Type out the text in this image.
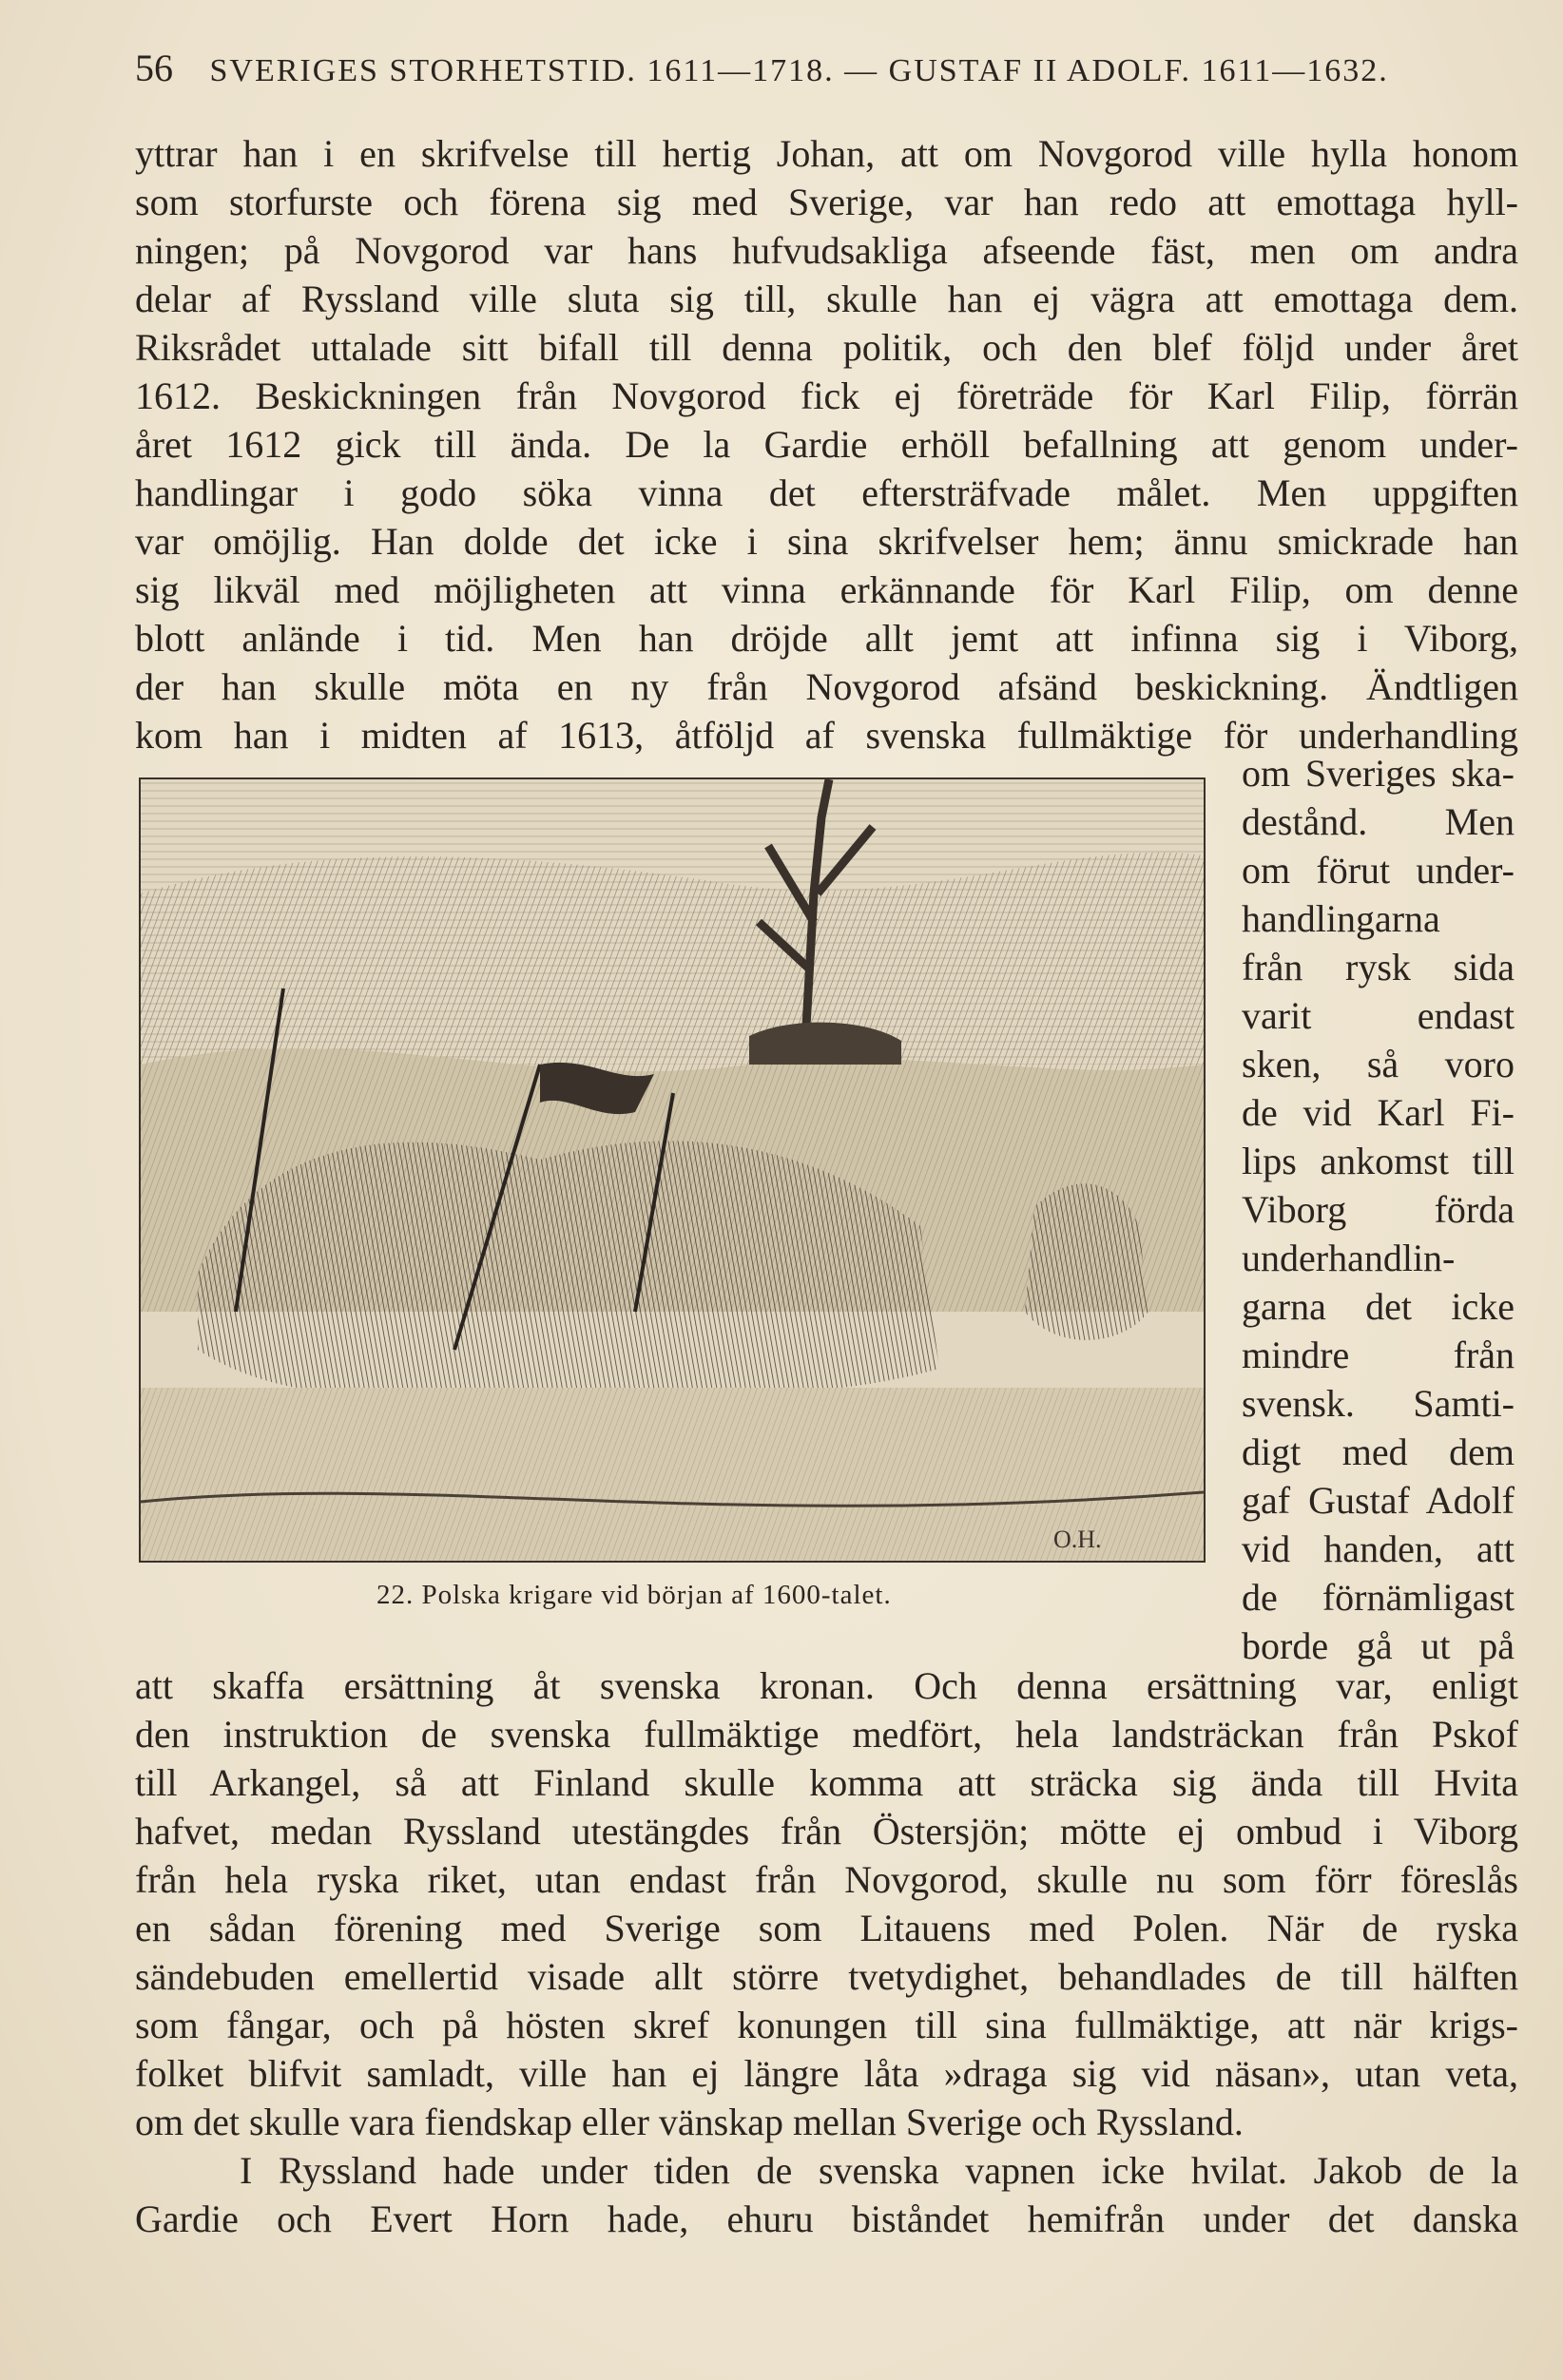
56 SVERIGES STORHETSTID. 1611—1718. — GUSTAF II ADOLF. 1611—1632.
yttrar han i en skrifvelse till hertig Johan, att om Novgorod ville hylla honom
som storfurste och förena sig med Sverige, var han redo att emottaga hyll-
ningen; på Novgorod var hans hufvudsakliga afseende fäst, men om andra
delar af Ryssland ville sluta sig till, skulle han ej vägra att emottaga dem.
Riksrådet uttalade sitt bifall till denna politik, och den blef följd under året
1612. Beskickningen från Novgorod fick ej företräde för Karl Filip, förrän
året 1612 gick till ända. De la Gardie erhöll befallning att genom under-
handlingar i godo söka vinna det eftersträfvade målet. Men uppgiften
var omöjlig. Han dolde det icke i sina skrifvelser hem; ännu smickrade han
sig likväl med möjligheten att vinna erkännande för Karl Filip, om denne
blott anlände i tid. Men han dröjde allt jemt att infinna sig i Viborg,
der han skulle möta en ny från Novgorod afsänd beskickning. Ändtligen
kom han i midten af 1613, åtföljd af svenska fullmäktige för underhandling
om Sveriges ska-
destånd. Men
om förut under-
handlingarna
från rysk sida
varit endast
sken, så voro
de vid Karl Fi-
lips ankomst till
Viborg förda
underhandlin-
garna det icke
mindre från
svensk. Samti-
digt med dem
gaf Gustaf Adolf
vid handen, att
de förnämligast
borde gå ut på
O.H.
22. Polska krigare vid början af 1600-talet.
att skaffa ersättning åt svenska kronan. Och denna ersättning var, enligt
den instruktion de svenska fullmäktige medfört, hela landsträckan från Pskof
till Arkangel, så att Finland skulle komma att sträcka sig ända till Hvita
hafvet, medan Ryssland utestängdes från Östersjön; mötte ej ombud i Viborg
från hela ryska riket, utan endast från Novgorod, skulle nu som förr föreslås
en sådan förening med Sverige som Litauens med Polen. När de ryska
sändebuden emellertid visade allt större tvetydighet, behandlades de till hälften
som fångar, och på hösten skref konungen till sina fullmäktige, att när krigs-
folket blifvit samladt, ville han ej längre låta »draga sig vid näsan», utan veta,
om det skulle vara fiendskap eller vänskap mellan Sverige och Ryssland.
I Ryssland hade under tiden de svenska vapnen icke hvilat. Jakob de la
Gardie och Evert Horn hade, ehuru biståndet hemifrån under det danska
